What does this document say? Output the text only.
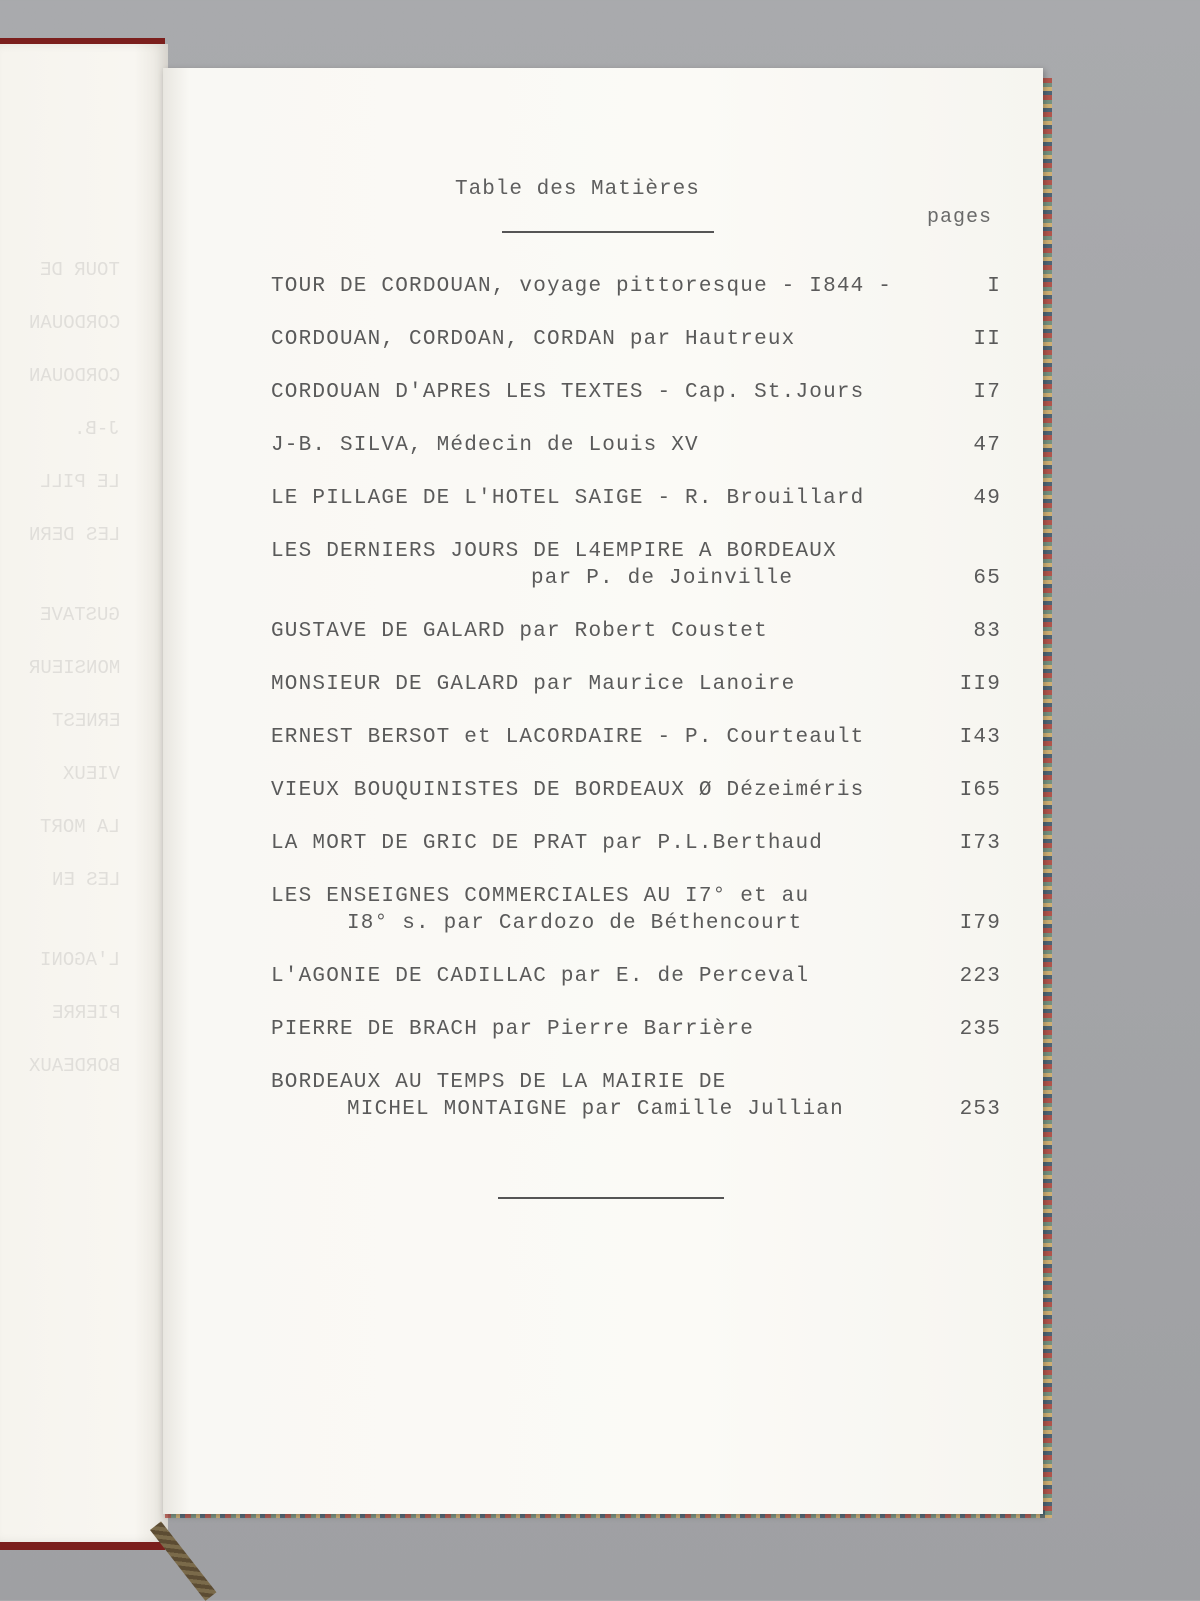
TOUR DE
CORDOUAN
CORDOUAN
J-B.
LE PILL
LES DERN
GUSTAVE
MONSIEUR
ERNEST
VIEUX
LA MORT
LES EN
L'AGONI
PIERRE
BORDEAUX
Table des Matières
pages
TOUR DE CORDOUAN, voyage pittoresque - I844 -	I
CORDOUAN, CORDOAN, CORDAN par Hautreux	II
CORDOUAN D'APRES LES TEXTES - Cap. St.Jours	I7
J-B. SILVA, Médecin de Louis XV	47
LE PILLAGE DE L'HOTEL SAIGE - R. Brouillard	49
LES DERNIERS JOURS DE L4EMPIRE A BORDEAUX
par P. de Joinville	65
GUSTAVE DE GALARD par Robert Coustet	83
MONSIEUR DE GALARD par Maurice Lanoire	II9
ERNEST BERSOT et LACORDAIRE - P. Courteault	I43
VIEUX BOUQUINISTES DE BORDEAUX Ø Dézeiméris	I65
LA MORT DE GRIC DE PRAT par P.L.Berthaud	I73
LES ENSEIGNES COMMERCIALES AU I7° et au
I8° s. par Cardozo de Béthencourt	I79
L'AGONIE DE CADILLAC par E. de Perceval	223
PIERRE DE BRACH par Pierre Barrière	235
BORDEAUX AU TEMPS DE LA MAIRIE DE
MICHEL MONTAIGNE par Camille Jullian	253
